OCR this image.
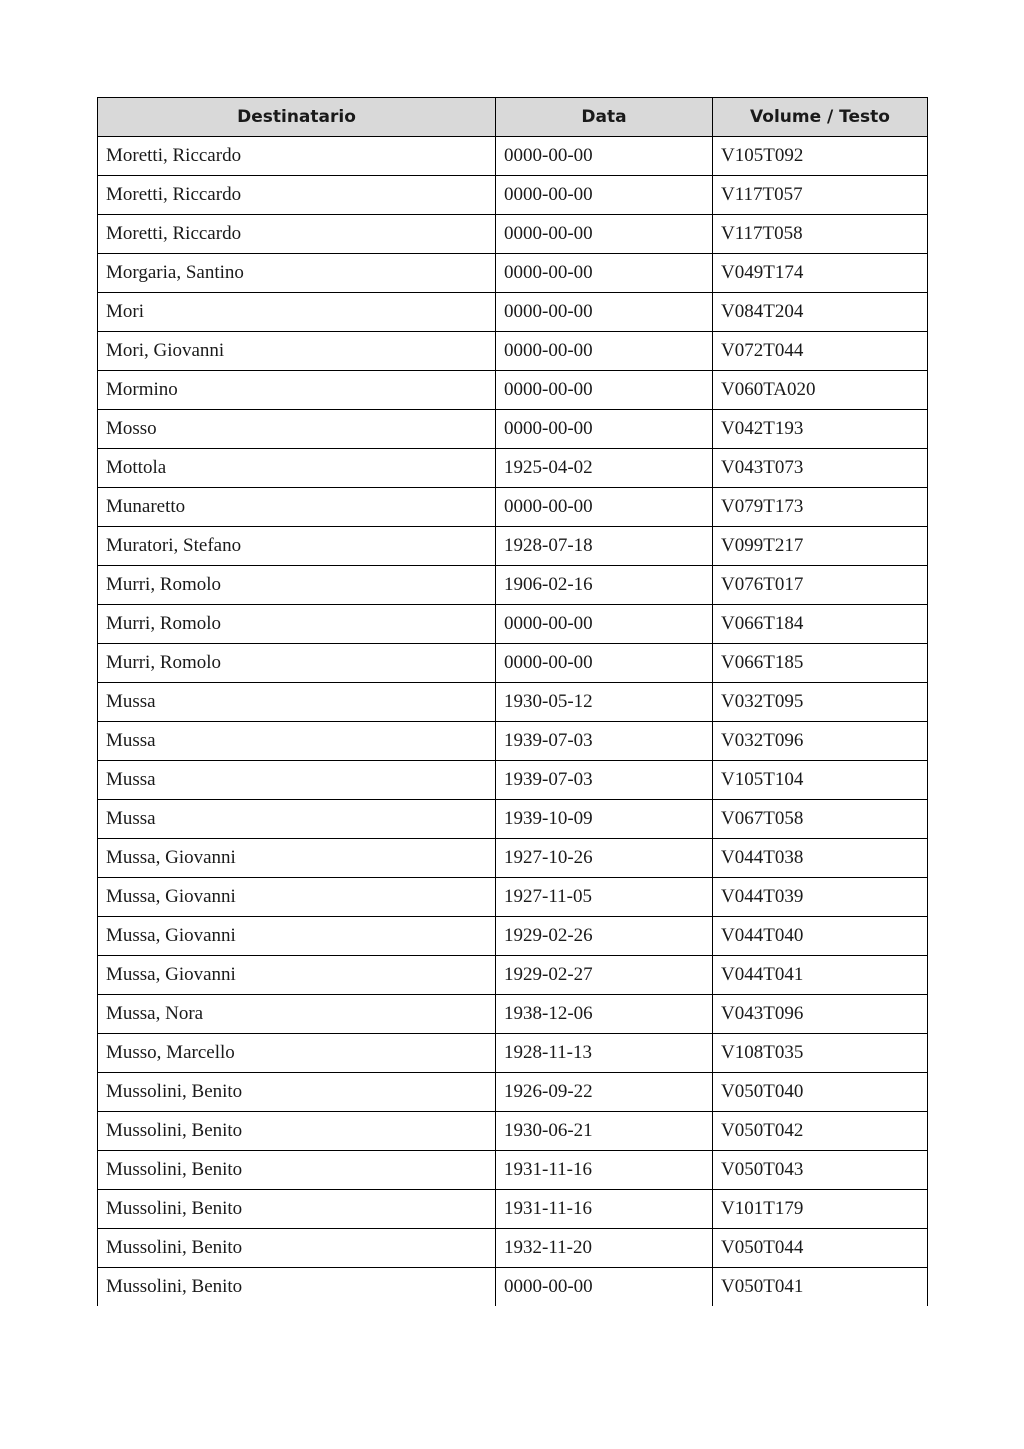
Destinatario	Data	Volume / Testo
Moretti, Riccardo	0000-00-00	V105T092
Moretti, Riccardo	0000-00-00	V117T057
Moretti, Riccardo	0000-00-00	V117T058
Morgaria, Santino	0000-00-00	V049T174
Mori	0000-00-00	V084T204
Mori, Giovanni	0000-00-00	V072T044
Mormino	0000-00-00	V060TA020
Mosso	0000-00-00	V042T193
Mottola	1925-04-02	V043T073
Munaretto	0000-00-00	V079T173
Muratori, Stefano	1928-07-18	V099T217
Murri, Romolo	1906-02-16	V076T017
Murri, Romolo	0000-00-00	V066T184
Murri, Romolo	0000-00-00	V066T185
Mussa	1930-05-12	V032T095
Mussa	1939-07-03	V032T096
Mussa	1939-07-03	V105T104
Mussa	1939-10-09	V067T058
Mussa, Giovanni	1927-10-26	V044T038
Mussa, Giovanni	1927-11-05	V044T039
Mussa, Giovanni	1929-02-26	V044T040
Mussa, Giovanni	1929-02-27	V044T041
Mussa, Nora	1938-12-06	V043T096
Musso, Marcello	1928-11-13	V108T035
Mussolini, Benito	1926-09-22	V050T040
Mussolini, Benito	1930-06-21	V050T042
Mussolini, Benito	1931-11-16	V050T043
Mussolini, Benito	1931-11-16	V101T179
Mussolini, Benito	1932-11-20	V050T044
Mussolini, Benito	0000-00-00	V050T041
